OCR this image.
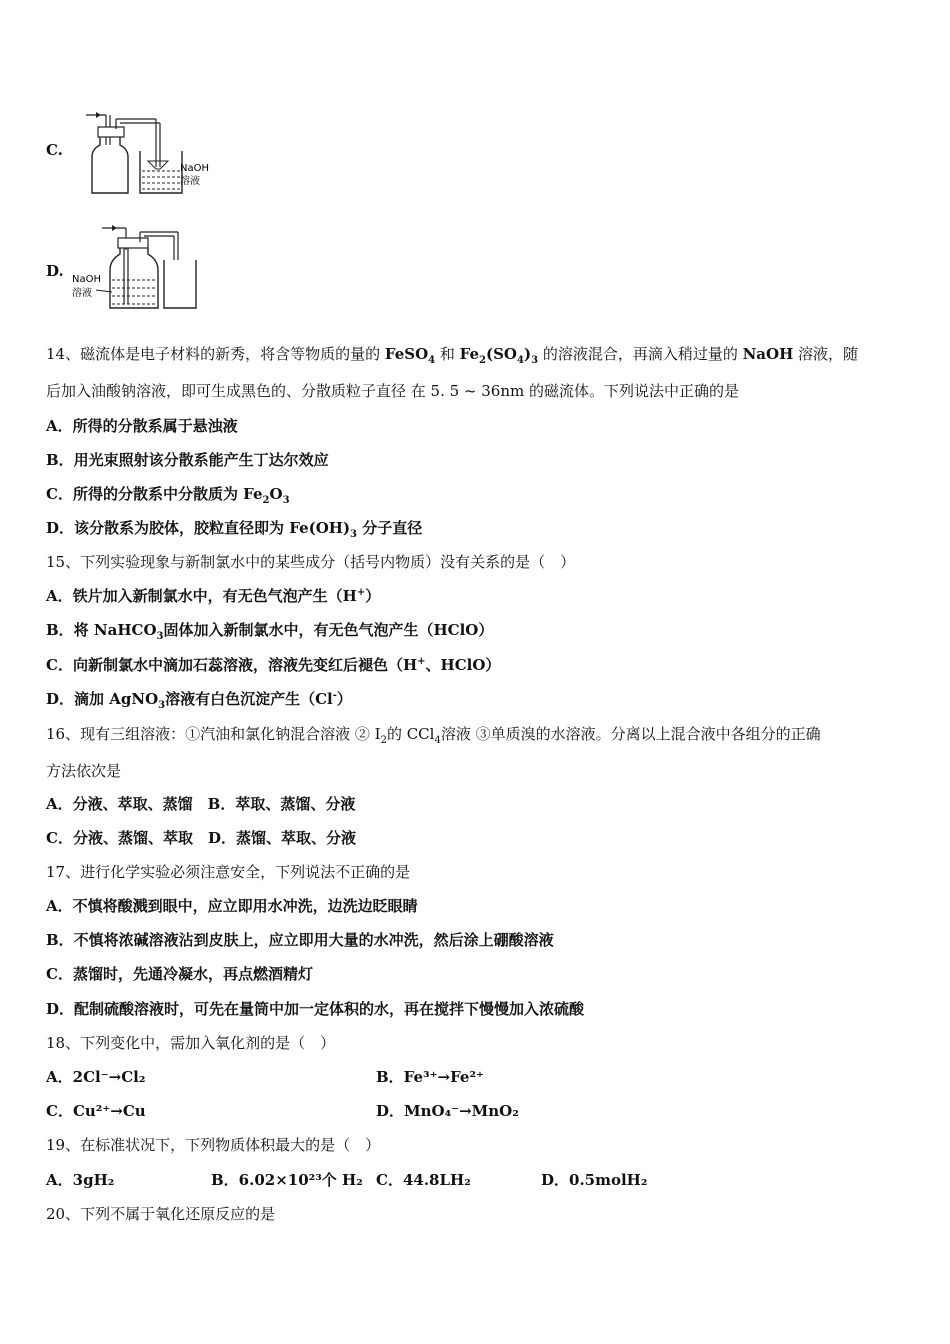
C.
NaOH
溶液
D. NaOH
溶液
14、磁流体是电子材料的新秀，将含等物质的量的 FeSO$_4$ 和 $Fe_2(SO_4)_3$ 的溶液混合，再滴入稍过量的 NaOH 溶液，随
后加入油酸钠溶液，即可生成黑色的、分散质粒子直径 在 5. 5 ~ 36nm 的磁流体。下列说法中正确的是
A．所得的分散系属于悬浊液
B．用光束照射该分散系能产生丁达尔效应
C．所得的分散系中分散质为 $Fe_2O_3$
D．该分散系为胶体，胶粒直径即为 $Fe(OH)_3$ 分子直径
15、下列实验现象与新制氯水中的某些成分（括号内物质）没有关系的是（　）
A．铁片加入新制氯水中，有无色气泡产生（H+）
B．将 NaHCO$_3$固体加入新制氯水中，有无色气泡产生（HClO）
C．向新制氯水中滴加石蕊溶液，溶液先变红后褪色（H+、HClO）
D．滴加 AgNO$_3$溶液有白色沉淀产生（Cl-）
16、现有三组溶液：①汽油和氯化钠混合溶液 ② $I_2$的 CCl$_4$溶液 ③单质溴的水溶液。分离以上混合液中各组分的正确
方法依次是
A．分液、萃取、蒸馏　B．萃取、蒸馏、分液
C．分液、蒸馏、萃取　D．蒸馏、萃取、分液
17、进行化学实验必须注意安全，下列说法不正确的是
A．不慎将酸溅到眼中，应立即用水冲洗，边洗边眨眼睛
B．不慎将浓碱溶液沾到皮肤上，应立即用大量的水冲洗，然后涂上硼酸溶液
C．蒸馏时，先通冷凝水，再点燃酒精灯
D．配制硫酸溶液时，可先在量筒中加一定体积的水，再在搅拌下慢慢加入浓硫酸
18、下列变化中，需加入氧化剂的是（　）
A．2Cl⁻→Cl₂	B．Fe³⁺→Fe²⁺
C．Cu²⁺→Cu	D．MnO₄⁻→MnO₂
19、在标准状况下，下列物质体积最大的是（　）
A．3gH₂	B．6.02×10²³个 H₂ C．44.8LH₂	D．0.5molH₂
20、下列不属于氧化还原反应的是
